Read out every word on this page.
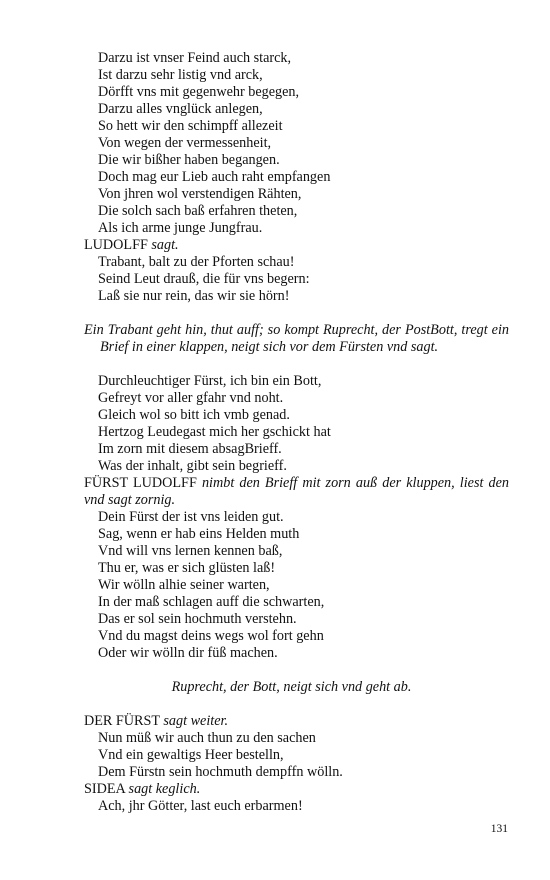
Darzu ist vnser Feind auch starck,
Ist darzu sehr listig vnd arck,
Dörfft vns mit gegenwehr begegen,
Darzu alles vnglück anlegen,
So hett wir den schimpff allezeit
Von wegen der vermessenheit,
Die wir bißher haben begangen.
Doch mag eur Lieb auch raht empfangen
Von jhren wol verstendigen Rähten,
Die solch sach baß erfahren theten,
Als ich arme junge Jungfrau.
LUDOLFF sagt.
Trabant, balt zu der Pforten schau!
Seind Leut drauß, die für vns begern:
Laß sie nur rein, das wir sie hörn!
Ein Trabant geht hin, thut auff; so kompt Ruprecht, der PostBott, tregt ein Brief in einer klappen, neigt sich vor dem Fürsten vnd sagt.
Durchleuchtiger Fürst, ich bin ein Bott,
Gefreyt vor aller gfahr vnd noht.
Gleich wol so bitt ich vmb genad.
Hertzog Leudegast mich her gschickt hat
Im zorn mit diesem absagBrieff.
Was der inhalt, gibt sein begrieff.
FÜRST LUDOLFF nimbt den Brieff mit zorn auß der kluppen, liest den vnd sagt zornig.
Dein Fürst der ist vns leiden gut.
Sag, wenn er hab eins Helden muth
Vnd will vns lernen kennen baß,
Thu er, was er sich glüsten laß!
Wir wölln alhie seiner warten,
In der maß schlagen auff die schwarten,
Das er sol sein hochmuth verstehn.
Vnd du magst deins wegs wol fort gehn
Oder wir wölln dir füß machen.
Ruprecht, der Bott, neigt sich vnd geht ab.
DER FÜRST sagt weiter.
Nun müß wir auch thun zu den sachen
Vnd ein gewaltigs Heer bestelln,
Dem Fürstn sein hochmuth dempffn wölln.
SIDEA sagt keglich.
Ach, jhr Götter, last euch erbarmen!
131
